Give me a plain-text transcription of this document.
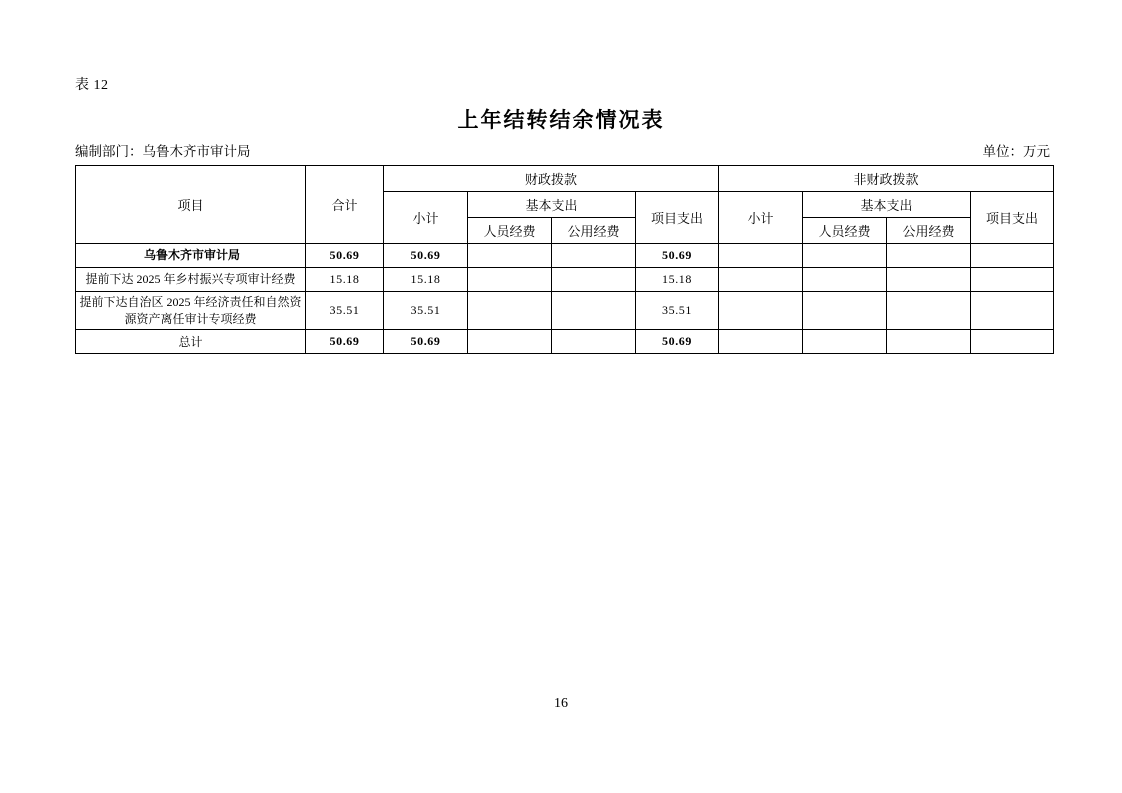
表 12
上年结转结余情况表
编制部门：乌鲁木齐市审计局	单位：万元
项目	合计	财政拨款				非财政拨款			
		小计	基本支出		项目支出	小计	基本支出		项目支出
			人员经费	公用经费			人员经费	公用经费	
乌鲁木齐市审计局	50.69	50.69			50.69				
提前下达 2025 年乡村振兴专项审计经费	15.18	15.18			15.18				
提前下达自治区 2025 年经济责任和自然资源资产离任审计专项经费	35.51	35.51			35.51				
总计	50.69	50.69			50.69				
16
